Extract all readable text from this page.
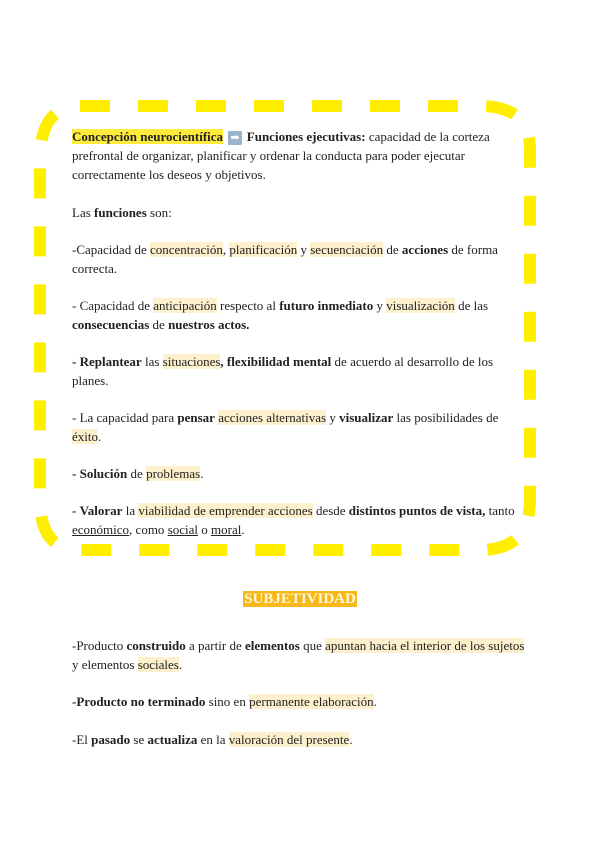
Concepción neurocientífica ➡ Funciones ejecutivas: capacidad de la corteza prefrontal de organizar, planificar y ordenar la conducta para poder ejecutar correctamente los deseos y objetivos.

Las funciones son:

-Capacidad de concentración, planificación y secuenciación de acciones de forma correcta.

- Capacidad de anticipación respecto al futuro inmediato y visualización de las consecuencias de nuestros actos.

- Replantear las situaciones, flexibilidad mental de acuerdo al desarrollo de los planes.

- La capacidad para pensar acciones alternativas y visualizar las posibilidades de éxito.

- Solución de problemas.

- Valorar la viabilidad de emprender acciones desde distintos puntos de vista, tanto económico, como social o moral.

SUBJETIVIDAD

-Producto construido a partir de elementos que apuntan hacia el interior de los sujetos y elementos sociales.

-Producto no terminado sino en permanente elaboración.

-El pasado se actualiza en la valoración del presente.
